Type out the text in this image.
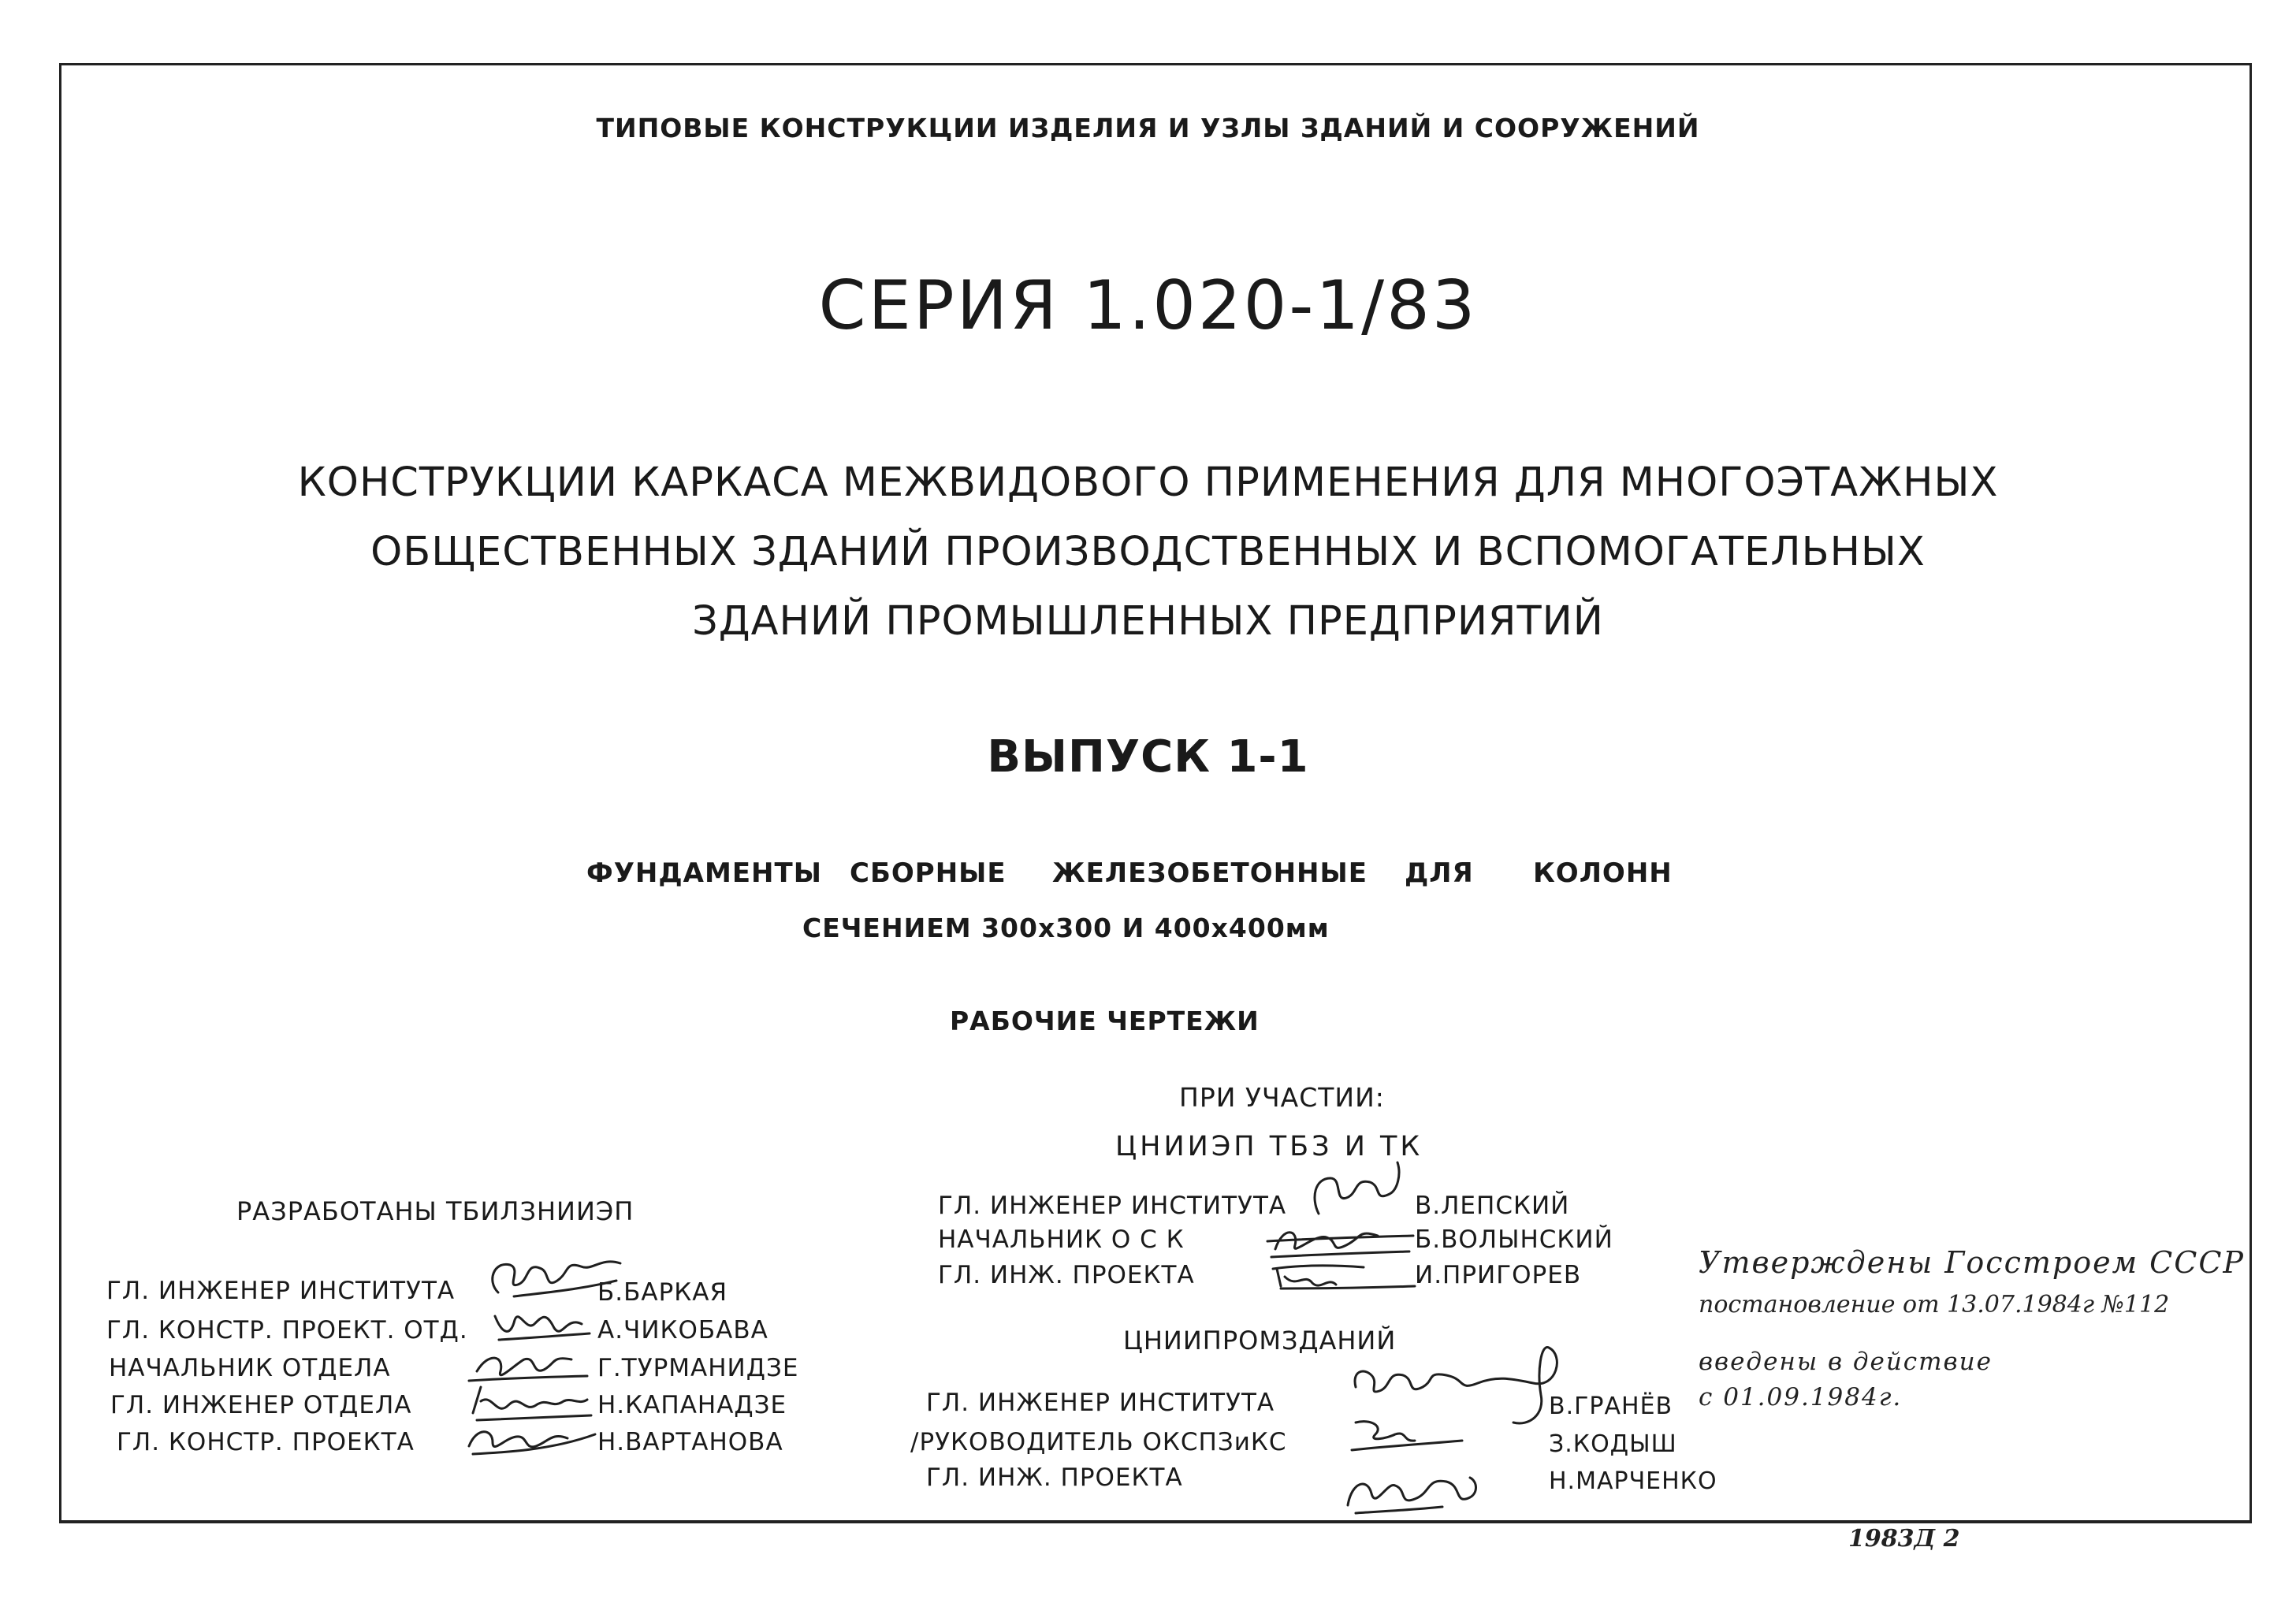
ТИПОВЫЕ КОНСТРУКЦИИ ИЗДЕЛИЯ И УЗЛЫ ЗДАНИЙ И СООРУЖЕНИЙ
СЕРИЯ 1.020-1/83
КОНСТРУКЦИИ КАРКАСА МЕЖВИДОВОГО ПРИМЕНЕНИЯ ДЛЯ МНОГОЭТАЖНЫХ
ОБЩЕСТВЕННЫХ ЗДАНИЙ ПРОИЗВОДСТВЕННЫХ И ВСПОМОГАТЕЛЬНЫХ
ЗДАНИЙ ПРОМЫШЛЕННЫХ ПРЕДПРИЯТИЙ
ВЫПУСК 1-1
ФУНДАМЕНТЫ СБОРНЫЕ ЖЕЛЕЗОБЕТОННЫЕ ДЛЯ КОЛОНН
СЕЧЕНИЕМ 300х300 И 400х400мм
РАБОЧИЕ ЧЕРТЕЖИ
ПРИ УЧАСТИИ:
ЦНИИЭП ТБЗ И ТК
ГЛ. ИНЖЕНЕР ИНСТИТУТА	В.ЛЕПСКИЙ
НАЧАЛЬНИК О С К	Б.ВОЛЫНСКИЙ
ГЛ. ИНЖ. ПРОЕКТА	И.ПРИГОРЕВ
ЦНИИПРОМЗДАНИЙ
ГЛ. ИНЖЕНЕР ИНСТИТУТА	В.ГРАНЁВ
/РУКОВОДИТЕЛЬ ОКСПЗиКС	З.КОДЫШ
ГЛ. ИНЖ. ПРОЕКТА	Н.МАРЧЕНКО
РАЗРАБОТАНЫ ТБИЛЗНИИЭП
ГЛ. ИНЖЕНЕР ИНСТИТУТА	Б.БАРКАЯ
ГЛ. КОНСТР. ПРОЕКТ. ОТД.	А.ЧИКОБАВА
НАЧАЛЬНИК ОТДЕЛА	Г.ТУРМАНИДЗЕ
ГЛ. ИНЖЕНЕР ОТДЕЛА	Н.КАПАНАДЗЕ
ГЛ. КОНСТР. ПРОЕКТА	Н.ВАРТАНОВА
Утверждены Госстроем СССР
постановление от 13.07.1984г №112
введены в действие
с 01.09.1984г.
1983Д 2
